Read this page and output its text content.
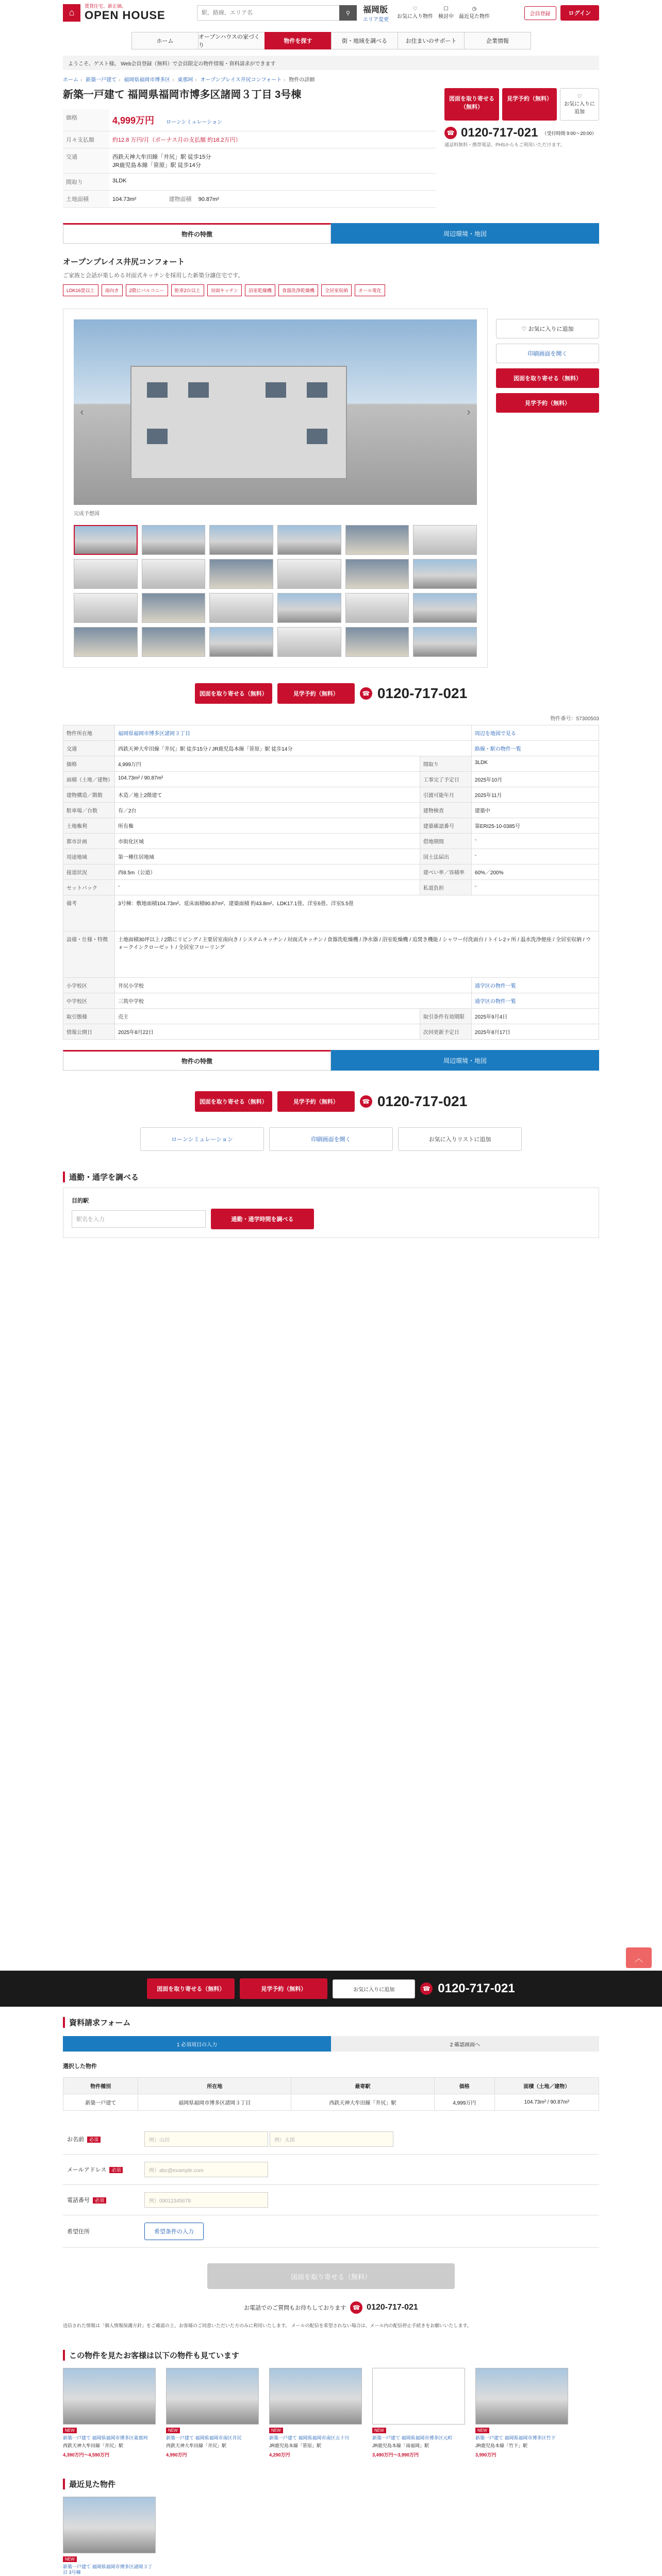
⌂
賃貸住宅、新正価。
OPEN HOUSE
駅、路線、エリア名	⚲ 福岡版
エリア変更
♡
お気に入り物件
☐
検討中
◷
最近見た物件	会員登録	ログイン
ホーム
オープンハウスの家づくり
物件を探す	街・地域を調べる	お住まいのサポート	企業情報
ようこそ、ゲスト様。 Web会員登録（無料）で会員限定の物件情報・資料請求ができます
ホーム › 新築一戸建て › 福岡県福岡市博多区 › 東那珂 › オープンプレイス井尻コンフォート › 物件の詳細
新築一戸建て 福岡県福岡市博多区諸岡３丁目 3号棟
価格	4,999万円 ローンシミュレーション
月々支払額	約12.8 万円/月（ボーナス月の支払額 約18.2万円）
交通	西鉄天神大牟田線「井尻」駅 徒歩15分
JR鹿児島本線「笹原」駅 徒歩14分
間取り	3LDK
土地面積	104.73m² 建物面積 90.87m²
図面を取り寄せる（無料）
見学予約（無料）	♡
お気に入りに追加
☎ 0120-717-021 （受付時間 9:00〜20:00）
通話料無料・携帯電話、PHSからもご利用いただけます。
物件の特徴	周辺環境・地図
オープンプレイス井尻コンフォート
ご家族と会話が楽しめる対面式キッチンを採用した新築分譲住宅です。
LDK16畳以上	南向き	2階にバルコニー	駐車2台以上	対面キッチン	浴室乾燥機	食器洗浄乾燥機	全居室収納	オール電化
‹	›
完成予想図
♡ お気に入りに追加
印刷画面を開く
図面を取り寄せる（無料）
見学予約（無料）
図面を取り寄せる（無料）	見学予約（無料）	☎ 0120-717-021
物件番号：57300503
物件所在地	福岡県福岡市博多区諸岡３丁目		周辺を地図で見る
交通	西鉄天神大牟田線「井尻」駅 徒歩15分 / JR鹿児島本線「笹原」駅 徒歩14分		路線・駅の物件一覧
価格	4,999万円	間取り	3LDK
面積（土地／建物）	104.73m² / 90.87m²	工事完了予定日	2025年10月
建物構造／階数	木造／地上2階建て	引渡可能年月	2025年11月
駐車場／台数	有／2台	建物検査	建築中
土地権利	所有権	建築確認番号	第ERI25-10-0385号
都市計画	市街化区域	借地期間	-
用途地域	第一種住居地域	国土法届出	-
接道状況	西8.5m（公道）	建ぺい率／容積率	60%／200%
セットバック	-	私道負担	-
備考	3号棟：敷地面積104.73m²、延床面積90.87m²、建築面積 約43.8m²、LDK17.1畳、洋室6畳、洋室5.5畳		
設備・仕様・特徴	土地面積30坪以上 / 2階にリビング / 主要居室南向き / システムキッチン / 対面式キッチン / 食器洗乾燥機 / 浄水器 / 浴室乾燥機 / 追焚き機能 / シャワー付洗面台 / トイレ2ヶ所 / 温水洗浄便座 / 全居室収納 / ウォークインクローゼット / 全居室フローリング		
小学校区	井尻小学校		通学区の物件一覧
中学校区	三筑中学校		通学区の物件一覧
取引態様	売主	取引条件有効期限	2025年9月4日
情報公開日	2025年8月22日	次回更新予定日	2025年8月17日
物件の特徴	周辺環境・地図
図面を取り寄せる（無料）	見学予約（無料）	☎ 0120-717-021
ローンシミュレーション	印刷画面を開く	お気に入りリストに追加
通勤・通学を調べる
目的駅
駅名を入力	通勤・通学時間を調べる
︿
図面を取り寄せる（無料）	見学予約（無料）	お気に入りに追加	☎ 0120-717-021
資料請求フォーム
1 必須項目の入力	2 確認画面へ
選択した物件
物件種別	所在地	最寄駅	価格	面積（土地／建物）
新築一戸建て	福岡県福岡市博多区諸岡３丁目	西鉄天神大牟田線「井尻」駅	4,999万円	104.73m² / 90.87m²
お名前 必須	例）山田 例）太郎
メールアドレス 必須	例）abc@example.com
電話番号 必須	例）09012345678
希望住所	希望条件の入力
図面を取り寄せる（無料）
お電話でのご質問もお待ちしております	☎ 0120-717-021
送信された情報は「個人情報保護方針」をご確認の上、お客様のご同意いただいた方のみに利用いたします。 メールの配信を希望されない場合は、メール内の配信停止手続きをお願いいたします。
この物件を見たお客様は以下の物件も見ています
NEW
新築一戸建て 福岡県福岡市博多区東那珂
西鉄天神大牟田線「井尻」駅
4,390万円〜4,590万円
NEW
新築一戸建て 福岡県福岡市南区井尻
西鉄天神大牟田線「井尻」駅
4,990万円
NEW
新築一戸建て 福岡県福岡市南区五十川
JR鹿児島本線「笹原」駅
4,290万円
NEW
新築一戸建て 福岡県福岡市博多区元町
JR鹿児島本線「南福岡」駅
3,490万円〜3,990万円
NEW
新築一戸建て 福岡県福岡市博多区竹下
JR鹿児島本線「竹下」駅
3,990万円
最近見た物件
NEW
新築一戸建て 福岡県福岡市博多区諸岡３丁目 3号棟
